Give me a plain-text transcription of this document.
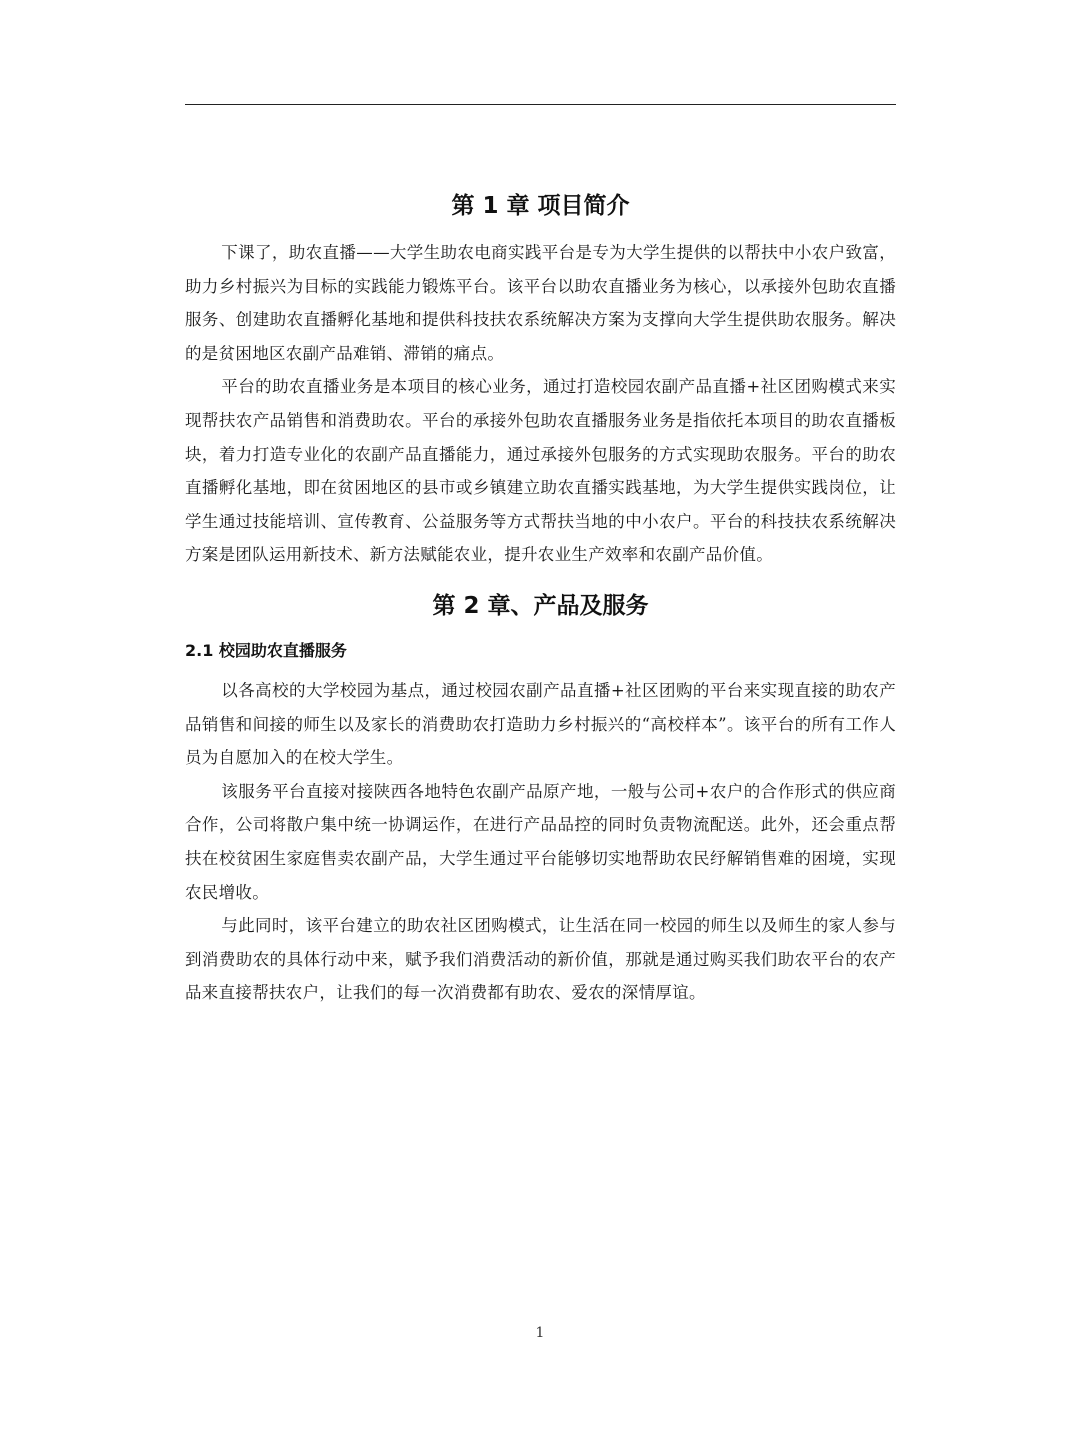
第 1 章 项目简介

下课了，助农直播——大学生助农电商实践平台是专为大学生提供的以帮扶中小农户致富，助力乡村振兴为目标的实践能力锻炼平台。该平台以助农直播业务为核心，以承接外包助农直播服务、创建助农直播孵化基地和提供科技扶农系统解决方案为支撑向大学生提供助农服务。解决的是贫困地区农副产品难销、滞销的痛点。

平台的助农直播业务是本项目的核心业务，通过打造校园农副产品直播+社区团购模式来实现帮扶农产品销售和消费助农。平台的承接外包助农直播服务业务是指依托本项目的助农直播板块，着力打造专业化的农副产品直播能力，通过承接外包服务的方式实现助农服务。平台的助农直播孵化基地，即在贫困地区的县市或乡镇建立助农直播实践基地，为大学生提供实践岗位，让学生通过技能培训、宣传教育、公益服务等方式帮扶当地的中小农户。平台的科技扶农系统解决方案是团队运用新技术、新方法赋能农业，提升农业生产效率和农副产品价值。

第 2 章、产品及服务
2.1 校园助农直播服务

以各高校的大学校园为基点，通过校园农副产品直播+社区团购的平台来实现直接的助农产品销售和间接的师生以及家长的消费助农打造助力乡村振兴的“高校样本”。该平台的所有工作人员为自愿加入的在校大学生。

该服务平台直接对接陕西各地特色农副产品原产地，一般与公司+农户的合作形式的供应商合作，公司将散户集中统一协调运作，在进行产品品控的同时负责物流配送。此外，还会重点帮扶在校贫困生家庭售卖农副产品，大学生通过平台能够切实地帮助农民纾解销售难的困境，实现农民增收。

与此同时，该平台建立的助农社区团购模式，让生活在同一校园的师生以及师生的家人参与到消费助农的具体行动中来，赋予我们消费活动的新价值，那就是通过购买我们助农平台的农产品来直接帮扶农户，让我们的每一次消费都有助农、爱农的深情厚谊。

1
